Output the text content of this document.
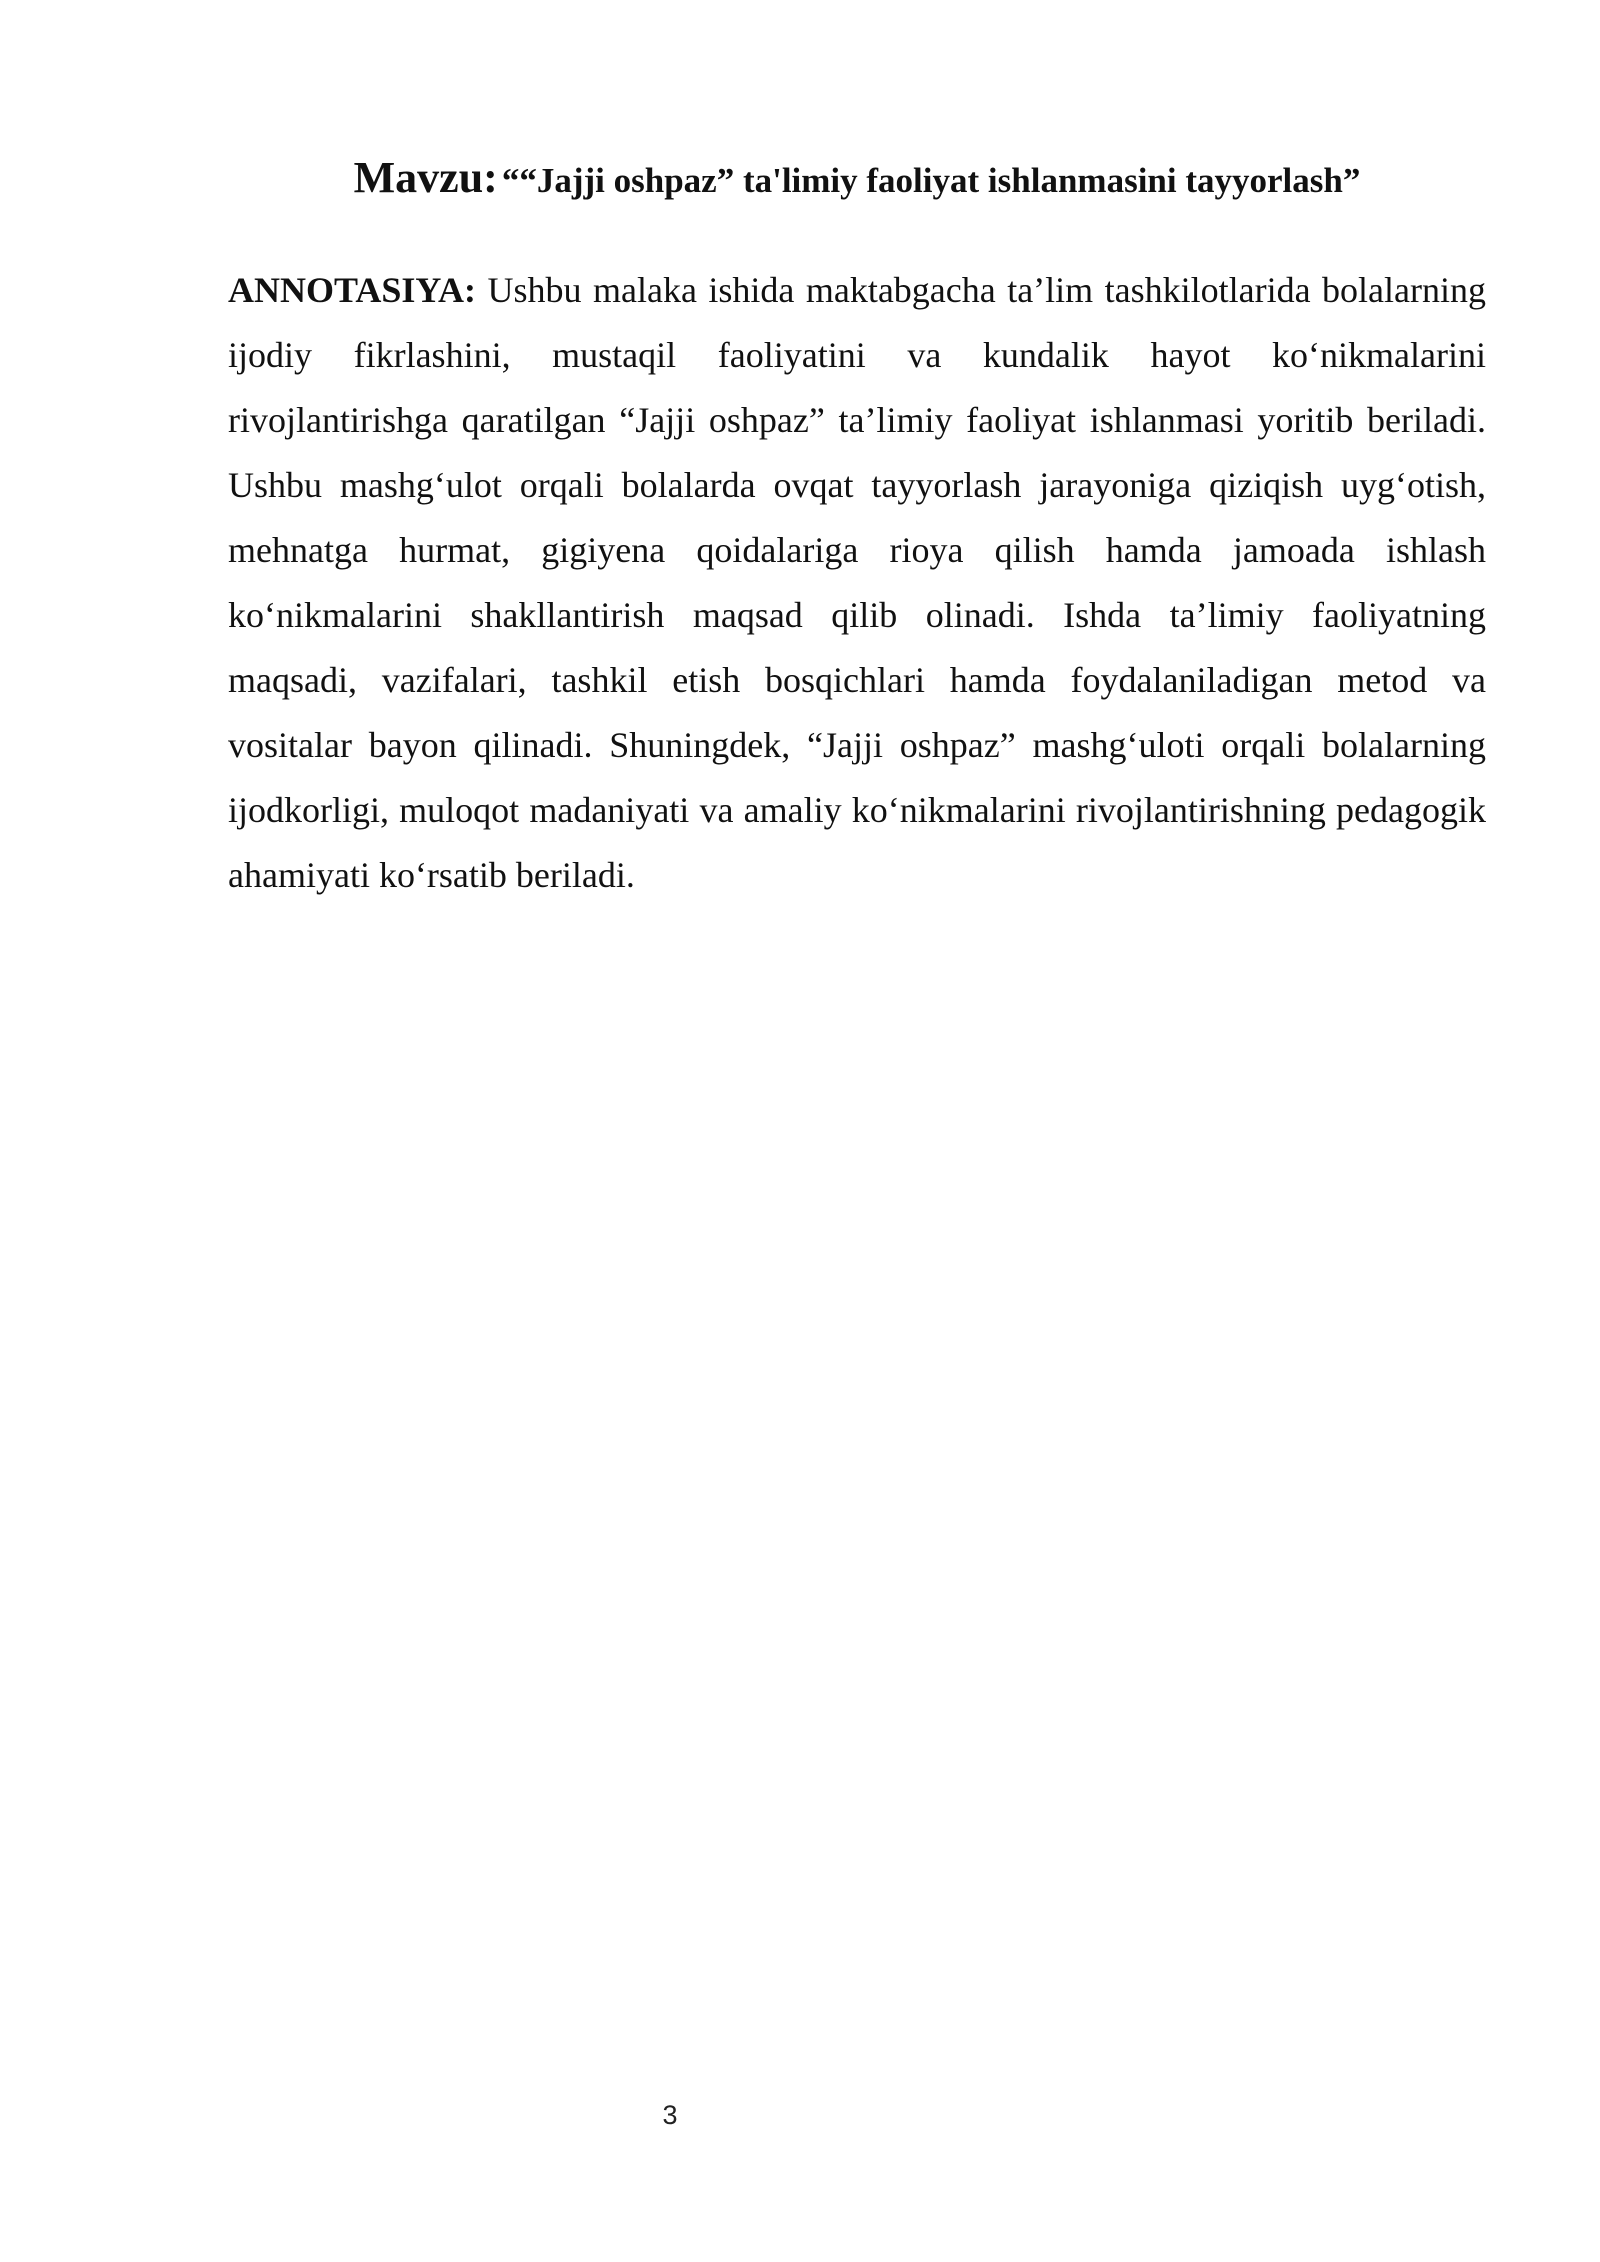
Mavzu: ““Jajji oshpaz” ta'limiy faoliyat ishlanmasini tayyorlash”

ANNOTASIYA: Ushbu malaka ishida maktabgacha ta’lim tashkilotlarida bolalarning ijodiy fikrlashini, mustaqil faoliyatini va kundalik hayot ko‘nikmalarini rivojlantirishga qaratilgan “Jajji oshpaz” ta’limiy faoliyat ishlanmasi yoritib beriladi. Ushbu mashg‘ulot orqali bolalarda ovqat tayyorlash jarayoniga qiziqish uyg‘otish, mehnatga hurmat, gigiyena qoidalariga rioya qilish hamda jamoada ishlash ko‘nikmalarini shakllantirish maqsad qilib olinadi. Ishda ta’limiy faoliyatning maqsadi, vazifalari, tashkil etish bosqichlari hamda foydalaniladigan metod va vositalar bayon qilinadi. Shuningdek, “Jajji oshpaz” mashg‘uloti orqali bolalarning ijodkorligi, muloqot madaniyati va amaliy ko‘nikmalarini rivojlantirishning pedagogik ahamiyati ko‘rsatib beriladi.

3
